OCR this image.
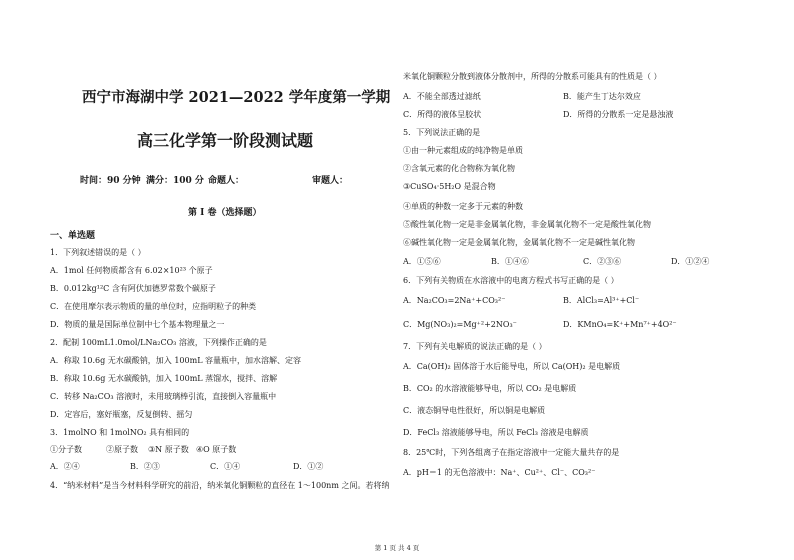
西宁市海湖中学 2021—2022 学年度第一学期
高三化学第一阶段测试题
时间：90 分钟 满分：100 分 命题人：	审题人：
第 I 卷（选择题）
一、单选题
1．下列叙述错误的是（ ）
A．1mol 任何物质都含有 6.02×10²³ 个原子
B．0.012kg¹²C 含有阿伏加德罗常数个碳原子
C．在使用摩尔表示物质的量的单位时，应指明粒子的种类
D．物质的量是国际单位制中七个基本物理量之一
2．配制 100mL1.0mol/LNa₂CO₃ 溶液，下列操作正确的是
A．称取 10.6g 无水碳酸钠，加入 100mL 容量瓶中，加水溶解、定容
B．称取 10.6g 无水碳酸钠，加入 100mL 蒸馏水，搅拌、溶解
C．转移 Na₂CO₃ 溶液时，未用玻璃棒引流，直接倒入容量瓶中
D．定容后，塞好瓶塞，反复倒转、摇匀
3．1molNO 和 1molNO₂ 具有相同的
①分子数	②原子数 ③N 原子数 ④O 原子数
A．②④	B．②③	C．①④	D．①②
4．“纳米材料”是当今材料科学研究的前沿，纳米氧化铜颗粒的直径在 1～100nm 之间。若将纳
米氧化铜颗粒分散到液体分散剂中，所得的分散系可能具有的性质是（ ）
A．不能全部透过滤纸	B．能产生丁达尔效应
C．所得的液体呈胶状	D．所得的分散系一定是悬浊液
5．下列说法正确的是
①由一种元素组成的纯净物是单质
②含氧元素的化合物称为氧化物
③CuSO₄·5H₂O 是混合物
④单质的种数一定多于元素的种数
⑤酸性氧化物一定是非金属氧化物，非金属氧化物不一定是酸性氧化物
⑥碱性氧化物一定是金属氧化物，金属氧化物不一定是碱性氧化物
A．①⑤⑥	B．①④⑥	C．②③⑥	D．①②④
6．下列有关物质在水溶液中的电离方程式书写正确的是（ ）
A．Na₂CO₃=2Na⁺+CO₃²⁻	B．AlCl₃=Al³⁺+Cl⁻
C．Mg(NO₃)₂=Mg⁺²+2NO₃⁻	D．KMnO₄=K⁺+Mn⁷⁺+4O²⁻
7．下列有关电解质的说法正确的是（ ）
A．Ca(OH)₂ 固体溶于水后能导电，所以 Ca(OH)₂ 是电解质
B．CO₂ 的水溶液能够导电，所以 CO₂ 是电解质
C．液态铜导电性很好，所以铜是电解质
D．FeCl₃ 溶液能够导电，所以 FeCl₃ 溶液是电解质
8．25℃时，下列各组离子在指定溶液中一定能大量共存的是
A．pH＝1 的无色溶液中：Na⁺、Cu²⁺、Cl⁻、CO₃²⁻
第 1 页 共 4 页
